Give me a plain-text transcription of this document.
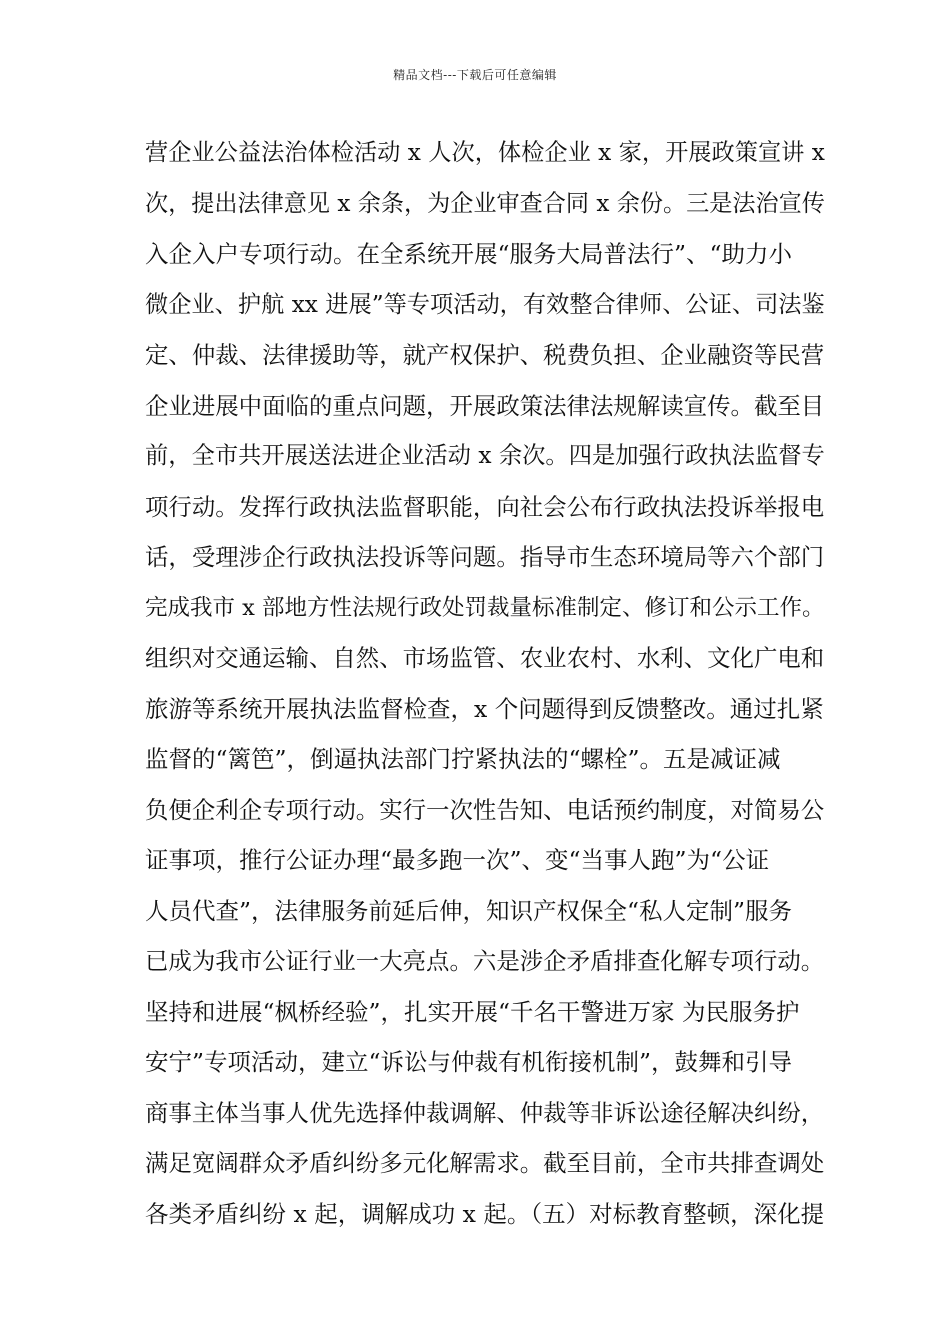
精品文档---下载后可任意编辑
营企业公益法治体检活动 x 人次，体检企业 x 家，开展政策宣讲 x
次，提出法律意见 x 余条，为企业审查合同 x 余份。三是法治宣传
入企入户专项行动。在全系统开展“服务大局普法行”、“助力小
微企业、护航 xx 进展”等专项活动，有效整合律师、公证、司法鉴
定、仲裁、法律援助等，就产权保护、税费负担、企业融资等民营
企业进展中面临的重点问题，开展政策法律法规解读宣传。截至目
前，全市共开展送法进企业活动 x 余次。四是加强行政执法监督专
项行动。发挥行政执法监督职能，向社会公布行政执法投诉举报电
话，受理涉企行政执法投诉等问题。指导市生态环境局等六个部门
完成我市 x 部地方性法规行政处罚裁量标准制定、修订和公示工作。
组织对交通运输、自然、市场监管、农业农村、水利、文化广电和
旅游等系统开展执法监督检查，x 个问题得到反馈整改。通过扎紧
监督的“篱笆”，倒逼执法部门拧紧执法的“螺栓”。五是减证减
负便企利企专项行动。实行一次性告知、电话预约制度，对简易公
证事项，推行公证办理“最多跑一次”、变“当事人跑”为“公证
人员代查”，法律服务前延后伸，知识产权保全“私人定制”服务
已成为我市公证行业一大亮点。六是涉企矛盾排查化解专项行动。
坚持和进展“枫桥经验”，扎实开展“千名干警进万家 为民服务护
安宁”专项活动，建立“诉讼与仲裁有机衔接机制”，鼓舞和引导
商事主体当事人优先选择仲裁调解、仲裁等非诉讼途径解决纠纷，
满足宽阔群众矛盾纠纷多元化解需求。截至目前，全市共排查调处
各类矛盾纠纷 x 起，调解成功 x 起。（五）对标教育整顿，深化提
